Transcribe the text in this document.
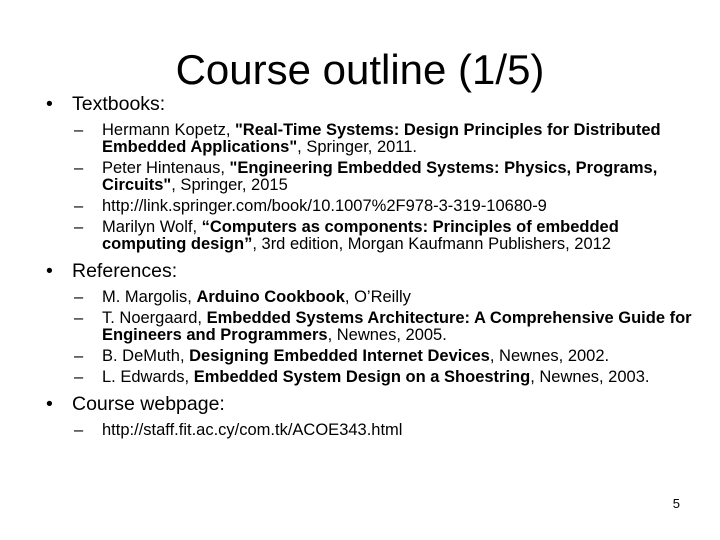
Course outline (1/5)
• Textbooks:
– Hermann Kopetz, "Real-Time Systems: Design Principles for Distributed Embedded Applications", Springer, 2011.
– Peter Hintenaus, "Engineering Embedded Systems: Physics, Programs, Circuits", Springer, 2015
– http://link.springer.com/book/10.1007%2F978-3-319-10680-9
– Marilyn Wolf, “Computers as components: Principles of embedded computing design”, 3rd edition, Morgan Kaufmann Publishers, 2012
• References:
– M. Margolis, Arduino Cookbook, O’Reilly
– T. Noergaard, Embedded Systems Architecture: A Comprehensive Guide for Engineers and Programmers, Newnes, 2005.
– B. DeMuth, Designing Embedded Internet Devices, Newnes, 2002.
– L. Edwards, Embedded System Design on a Shoestring, Newnes, 2003.
• Course webpage:
– http://staff.fit.ac.cy/com.tk/ACOE343.html
5
